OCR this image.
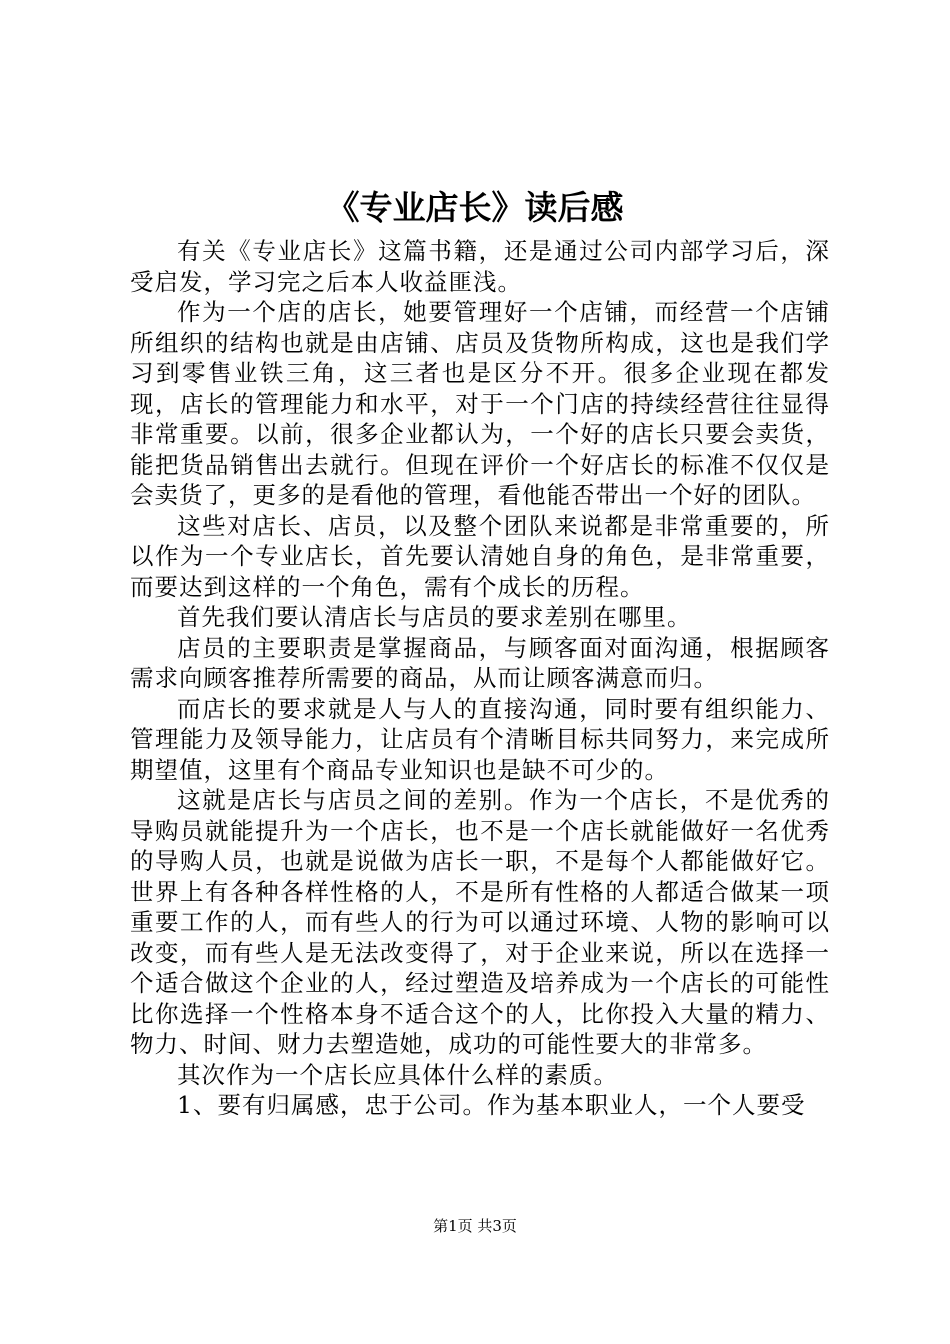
《专业店长》读后感

有关《专业店长》这篇书籍，还是通过公司内部学习后，深受启发，学习完之后本人收益匪浅。

作为一个店的店长，她要管理好一个店铺，而经营一个店铺所组织的结构也就是由店铺、店员及货物所构成，这也是我们学习到零售业铁三角，这三者也是区分不开。很多企业现在都发现，店长的管理能力和水平，对于一个门店的持续经营往往显得非常重要。以前，很多企业都认为，一个好的店长只要会卖货，能把货品销售出去就行。但现在评价一个好店长的标准不仅仅是会卖货了，更多的是看他的管理，看他能否带出一个好的团队。

这些对店长、店员，以及整个团队来说都是非常重要的，所以作为一个专业店长，首先要认清她自身的角色，是非常重要，而要达到这样的一个角色，需有个成长的历程。

首先我们要认清店长与店员的要求差别在哪里。

店员的主要职责是掌握商品，与顾客面对面沟通，根据顾客需求向顾客推荐所需要的商品，从而让顾客满意而归。

而店长的要求就是人与人的直接沟通，同时要有组织能力、管理能力及领导能力，让店员有个清晰目标共同努力，来完成所期望值，这里有个商品专业知识也是缺不可少的。

这就是店长与店员之间的差别。作为一个店长，不是优秀的导购员就能提升为一个店长，也不是一个店长就能做好一名优秀的导购人员，也就是说做为店长一职，不是每个人都能做好它。世界上有各种各样性格的人，不是所有性格的人都适合做某一项重要工作的人，而有些人的行为可以通过环境、人物的影响可以改变，而有些人是无法改变得了，对于企业来说，所以在选择一个适合做这个企业的人，经过塑造及培养成为一个店长的可能性比你选择一个性格本身不适合这个的人，比你投入大量的精力、物力、时间、财力去塑造她，成功的可能性要大的非常多。

其次作为一个店长应具体什么样的素质。

1、要有归属感，忠于公司。作为基本职业人，一个人要受

第1页 共3页
